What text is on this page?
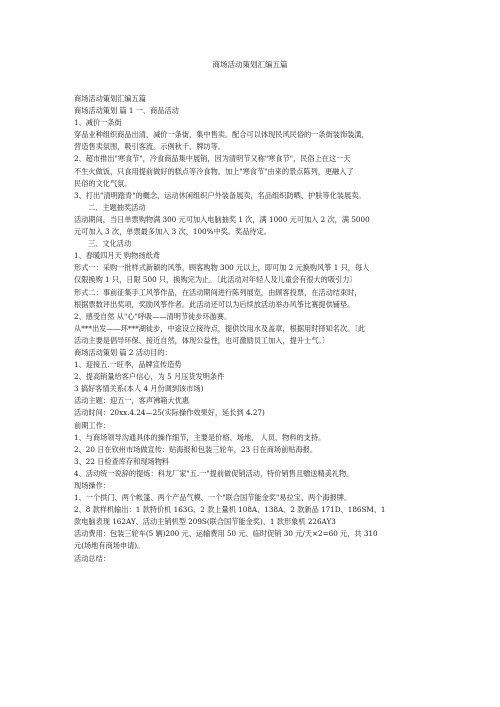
商场活动策划汇编五篇
商场活动策划汇编五篇
商场活动策划 篇 1 一、商品活动
1、减价一条街
穿品业种组织商品出清，减价一条街，集中售卖。配合可以体现民风民俗的一条街装饰装潢，
营造售卖氛围，吸引客流。示例秋千、牌坊等。
2、超市推出"寒食节"，冷食商品集中展销，因为清明节又称"寒食节"，民俗上在这一天
不生火做饭，只食用提前做好的糕点等冷食物。加上"寒食节"由来的景点陈列，更融入了
民俗的文化气氛。
3、打出"清明踏青"的概念，运动休闲组织户外装备展卖，名品组织防晒、护肤等化装展卖。
二、主题抽奖活动
活动期间，当日单票购物满 300 元可加入电脑抽奖 1 次，满 1000 元可加入 2 次，满 5000
元可加入 3 次，单票最多加入 3 次，100%中奖。奖品待定。
三、文化活动
1、春暖四月天 购物扬纸鸢
形式一：采购一批样式新颖的风筝，顾客购物 300 元以上，即可加 2 元换购风筝 1 只，每人
仅限换购 1 只，日限 500 只，换购完为止。〔此活动对年轻人及儿童会有很大的吸引力〕
形式二：事前征集手工风筝作品，在活动期间进行陈列展览，由顾客投票，在活动结束时，
根据票数评出奖项，奖励风筝作者。此活动还可以为后续放活动举办风筝比赛提供铺垫。
2、感受自然 从"心"呼吸——清明节徒步环游赛。
从***出发——环***湖徒步，中途设立接待点，提供饮用水及盖章，根据用时择知名次。〔此
活动主要是倡导环保、接近自然，体现公益性，也可激励员工加入，提升士气。〕
商场活动策划 篇 2 活动目的：
1、迎接五.一旺季，品牌宣传造势
2、提高销量给客户信心，为 5 月压货发明条件
3 搞好客情关系(本人 4 月份调到该市场)
活动主题：迎五一，客声沸箱大优惠
活动时间：20xx.4.24—25(实际操作效果好，延长到 4.27)
前期工作：
1、与商场领导沟通具体的操作细节，主要是价格、场地、 人员、物料的支持。
2、20 日在钦州市场做宣传：贴海报和包装三轮车，23 日在商场前贴海报。
3、22 日检查库存和现场物料
4、活动统一说辞的提炼：科龙厂家"五.一"提前做促销活动，特价销售且赠送精美礼物。
现场操作：
1、一个拱门、两个帐篷、两个产品气模、一个"联合国节能金奖"易拉宝、两个海报牌。
2、8 款样机输出：1 款特价机 163G、2 款上量机 108A、138A、2 款新品 171D、186SM、1
款电脑表现 162AY、活动主销机型 209S(联合国节能金奖)、1 款形象机 226AY3
活动费用：包装三轮车(5 辆)200 元、运输费用 50 元、临时促销 30 元/天×2=60 元，共 310
元(场地有商场申请)。
活动总结：
